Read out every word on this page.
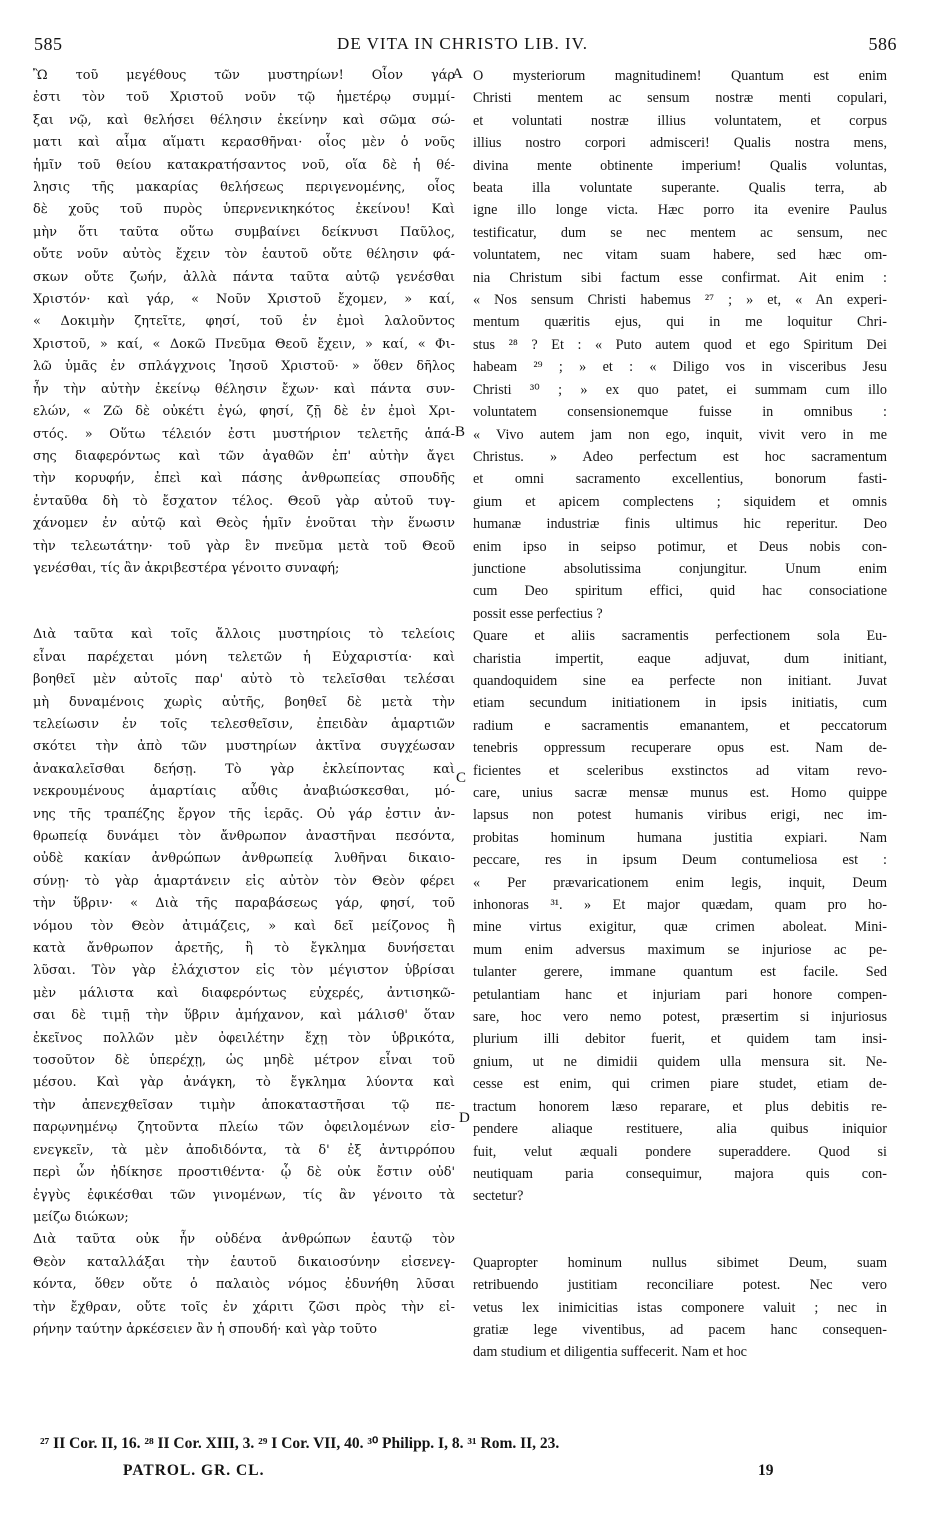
585	DE VITA IN CHRISTO LIB. IV.	586
Ὢ τοῦ μεγέθους τῶν μυστηρίων! Οἷον γάρ
ἐστι τὸν τοῦ Χριστοῦ νοῦν τῷ ἡμετέρῳ συμμί-
ξαι νῷ, καὶ θελήσει θέλησιν ἐκείνην καὶ σῶμα σώ-
ματι καὶ αἷμα αἵματι κερασθῆναι· οἷος μὲν ὁ νοῦς
ἡμῖν τοῦ θείου κατακρατήσαντος νοῦ, οἵα δὲ ἡ θέ-
λησις τῆς μακαρίας θελήσεως περιγενομένης, οἷος
δὲ χοῦς τοῦ πυρὸς ὑπερνενικηκότος ἐκείνου! Καὶ
μὴν ὅτι ταῦτα οὕτω συμβαίνει δείκνυσι Παῦλος,
οὔτε νοῦν αὐτὸς ἔχειν τὸν ἑαυτοῦ οὔτε θέλησιν φά-
σκων οὔτε ζωήν, ἀλλὰ πάντα ταῦτα αὐτῷ γενέσθαι
Χριστόν· καὶ γάρ, « Νοῦν Χριστοῦ ἔχομεν, » καί,
« Δοκιμὴν ζητεῖτε, φησί, τοῦ ἐν ἐμοὶ λαλοῦντος
Χριστοῦ, » καί, « Δοκῶ Πνεῦμα Θεοῦ ἔχειν, » καί, « Φι-
λῶ ὑμᾶς ἐν σπλάγχνοις Ἰησοῦ Χριστοῦ· » ὅθεν δῆλος
ἦν τὴν αὐτὴν ἐκείνῳ θέλησιν ἔχων· καὶ πάντα συν-
ελών, « Ζῶ δὲ οὐκέτι ἐγώ, φησί, ζῇ δὲ ἐν ἐμοὶ Χρι-
στός. » Οὕτω τέλειόν ἐστι μυστήριον τελετῆς ἁπά-
σης διαφερόντως καὶ τῶν ἀγαθῶν ἐπ' αὐτὴν ἄγει
τὴν κορυφήν, ἐπεὶ καὶ πάσης ἀνθρωπείας σπουδῆς
ἐνταῦθα δὴ τὸ ἔσχατον τέλος. Θεοῦ γὰρ αὐτοῦ τυγ-
χάνομεν ἐν αὐτῷ καὶ Θεὸς ἡμῖν ἑνοῦται τὴν ἕνωσιν
τὴν τελεωτάτην· τοῦ γὰρ ἓν πνεῦμα μετὰ τοῦ Θεοῦ
γενέσθαι, τίς ἂν ἀκριβεστέρα γένοιτο συναφή;
Διὰ ταῦτα καὶ τοῖς ἄλλοις μυστηρίοις τὸ τελείοις
εἶναι παρέχεται μόνη τελετῶν ἡ Εὐχαριστία· καὶ
βοηθεῖ μὲν αὐτοῖς παρ' αὐτὸ τὸ τελεῖσθαι τελέσαι
μὴ δυναμένοις χωρὶς αὐτῆς, βοηθεῖ δὲ μετὰ τὴν
τελείωσιν ἐν τοῖς τελεσθεῖσιν, ἐπειδὰν ἁμαρτιῶν
σκότει τὴν ἀπὸ τῶν μυστηρίων ἀκτῖνα συγχέωσαν
ἀνακαλεῖσθαι δεήσῃ. Τὸ γὰρ ἐκλείποντας καὶ
νεκρουμένους ἁμαρτίαις αὖθις ἀναβιώσκεσθαι, μό-
νης τῆς τραπέζης ἔργον τῆς ἱερᾶς. Οὐ γάρ ἐστιν ἀν-
θρωπείᾳ δυνάμει τὸν ἄνθρωπον ἀναστῆναι πεσόντα,
οὐδὲ κακίαν ἀνθρώπων ἀνθρωπείᾳ λυθῆναι δικαιο-
σύνῃ· τὸ γὰρ ἁμαρτάνειν εἰς αὐτὸν τὸν Θεὸν φέρει
τὴν ὕβριν· « Διὰ τῆς παραβάσεως γάρ, φησί, τοῦ
νόμου τὸν Θεὸν ἀτιμάζεις, » καὶ δεῖ μείζονος ἢ
κατὰ ἄνθρωπον ἀρετῆς, ἣ τὸ ἔγκλημα δυνήσεται
λῦσαι. Τὸν γὰρ ἐλάχιστον εἰς τὸν μέγιστον ὑβρίσαι
μὲν μάλιστα καὶ διαφερόντως εὐχερές, ἀντισηκῶ-
σαι δὲ τιμῇ τὴν ὕβριν ἀμήχανον, καὶ μάλισθ' ὅταν
ἐκεῖνος πολλῶν μὲν ὀφειλέτην ἔχῃ τὸν ὑβρικότα,
τοσοῦτον δὲ ὑπερέχῃ, ὡς μηδὲ μέτρον εἶναι τοῦ
μέσου. Καὶ γὰρ ἀνάγκη, τὸ ἔγκλημα λύοντα καὶ
τὴν ἀπενεχθεῖσαν τιμὴν ἀποκαταστῆσαι τῷ πε-
παρῳνημένῳ ζητοῦντα πλείω τῶν ὀφειλομένων εἰσ-
ενεγκεῖν, τὰ μὲν ἀποδιδόντα, τὰ δ' ἐξ ἀντιρρόπου
περὶ ὧν ἠδίκησε προστιθέντα· ᾧ δὲ οὐκ ἔστιν οὐδ'
ἐγγὺς ἐφικέσθαι τῶν γινομένων, τίς ἂν γένοιτο τὰ
μείζω διώκων;
Διὰ ταῦτα οὐκ ἦν οὐδένα ἀνθρώπων ἑαυτῷ τὸν
Θεὸν καταλλάξαι τὴν ἑαυτοῦ δικαιοσύνην εἰσενεγ-
κόντα, ὅθεν οὔτε ὁ παλαιὸς νόμος ἐδυνήθη λῦσαι
τὴν ἔχθραν, οὔτε τοῖς ἐν χάριτι ζῶσι πρὸς τὴν εἰ-
ρήνην ταύτην ἀρκέσειεν ἂν ἡ σπουδή· καὶ γὰρ τοῦτο
O mysteriorum magnitudinem! Quantum est enim
Christi mentem ac sensum nostræ menti copulari,
et voluntati nostræ illius voluntatem, et corpus
illius nostro corpori admisceri! Qualis nostra mens,
divina mente obtinente imperium! Qualis voluntas,
beata illa voluntate superante. Qualis terra, ab
igne illo longe victa. Hæc porro ita evenire Paulus
testificatur, dum se nec mentem ac sensum, nec
voluntatem, nec vitam suam habere, sed hæc om-
nia Christum sibi factum esse confirmat. Ait enim :
« Nos sensum Christi habemus ²⁷ ; » et, « An experi-
mentum quæritis ejus, qui in me loquitur Chri-
stus ²⁸ ? Et : « Puto autem quod et ego Spiritum Dei
habeam ²⁹ ; » et : « Diligo vos in visceribus Jesu
Christi ³⁰ ; » ex quo patet, ei summam cum illo
voluntatem consensionemque fuisse in omnibus :
« Vivo autem jam non ego, inquit, vivit vero in me
Christus. » Adeo perfectum est hoc sacramentum
et omni sacramento excellentius, bonorum fasti-
gium et apicem complectens ; siquidem et omnis
humanæ industriæ finis ultimus hic reperitur. Deo
enim ipso in seipso potimur, et Deus nobis con-
junctione absolutissima conjungitur. Unum enim
cum Deo spiritum effici, quid hac consociatione
possit esse perfectius ?
Quare et aliis sacramentis perfectionem sola Eu-
charistia impertit, eaque adjuvat, dum initiant,
quandoquidem sine ea perfecte non initiant. Juvat
etiam secundum initiationem in ipsis initiatis, cum
radium e sacramentis emanantem, et peccatorum
tenebris oppressum recuperare opus est. Nam de-
ficientes et sceleribus exstinctos ad vitam revo-
care, unius sacræ mensæ munus est. Homo quippe
lapsus non potest humanis viribus erigi, nec im-
probitas hominum humana justitia expiari. Nam
peccare, res in ipsum Deum contumeliosa est :
« Per prævaricationem enim legis, inquit, Deum
inhonoras ³¹. » Et major quædam, quam pro ho-
mine virtus exigitur, quæ crimen aboleat. Mini-
mum enim adversus maximum se injuriose ac pe-
tulanter gerere, immane quantum est facile. Sed
petulantiam hanc et injuriam pari honore compen-
sare, hoc vero nemo potest, præsertim si injuriosus
plurium illi debitor fuerit, et quidem tam insi-
gnium, ut ne dimidii quidem ulla mensura sit. Ne-
cesse est enim, qui crimen piare studet, etiam de-
tractum honorem læso reparare, et plus debitis re-
pendere aliaque restituere, alia quibus iniquior
fuit, velut æquali pondere superaddere. Quod si
neutiquam paria consequimur, majora quis con-
sectetur?
Quapropter hominum nullus sibimet Deum, suam
retribuendo justitiam reconciliare potest. Nec vero
vetus lex inimicitias istas componere valuit ; nec in
gratiæ lege viventibus, ad pacem hanc consequen-
dam studium et diligentia suffecerit. Nam et hoc
A
B
C
D
²⁷ II Cor. II, 16. ²⁸ II Cor. XIII, 3. ²⁹ I Cor. VII, 40. ³⁰ Philipp. I, 8. ³¹ Rom. II, 23.
PATROL. GR. CL.	19
